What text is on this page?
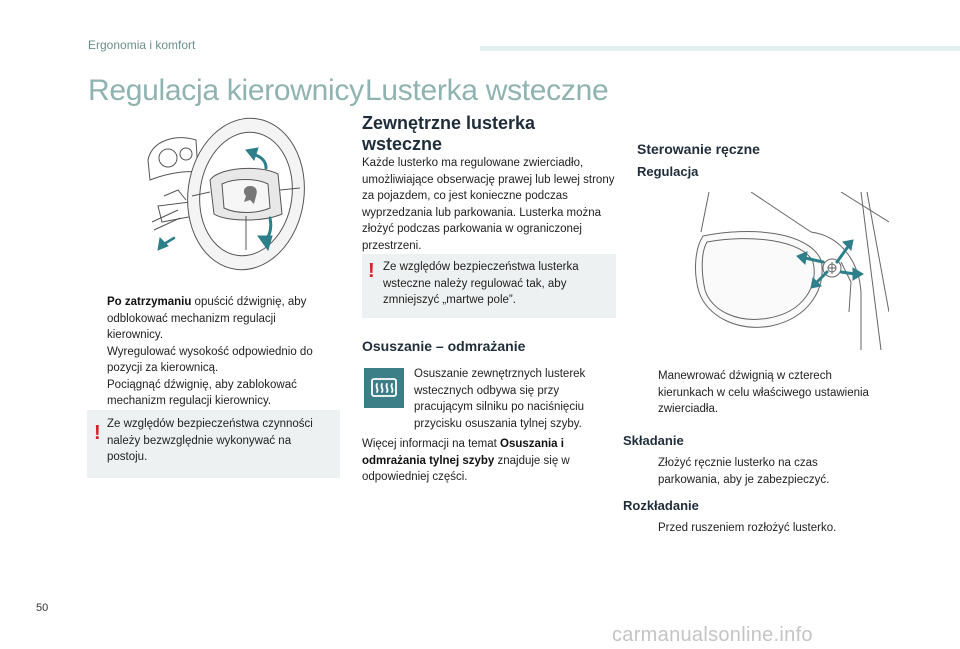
Ergonomia i komfort
Regulacja kierownicy
Po zatrzymaniu opuścić dźwignię, aby odblokować mechanizm regulacji kierownicy.
Wyregulować wysokość odpowiednio do pozycji za kierownicą.
Pociągnąć dźwignię, aby zablokować mechanizm regulacji kierownicy.
! Ze względów bezpieczeństwa czynności należy bezwzględnie wykonywać na postoju.
Lusterka wsteczne
Zewnętrzne lusterka wsteczne
Każde lusterko ma regulowane zwierciadło, umożliwiające obserwację prawej lub lewej strony za pojazdem, co jest konieczne podczas wyprzedzania lub parkowania. Lusterka można złożyć podczas parkowania w ograniczonej przestrzeni.
! Ze względów bezpieczeństwa lusterka wsteczne należy regulować tak, aby zmniejszyć „martwe pole”.
Osuszanie – odmrażanie
Osuszanie zewnętrznych lusterek wstecznych odbywa się przy pracującym silniku po naciśnięciu przycisku osuszania tylnej szyby.
Więcej informacji na temat Osuszania i odmrażania tylnej szyby znajduje się w odpowiedniej części.
Sterowanie ręczne
Regulacja
Manewrować dźwignią w czterech kierunkach w celu właściwego ustawienia zwierciadła.
Składanie
Złożyć ręcznie lusterko na czas parkowania, aby je zabezpieczyć.
Rozkładanie
Przed ruszeniem rozłożyć lusterko.
50
carmanualsonline.info
